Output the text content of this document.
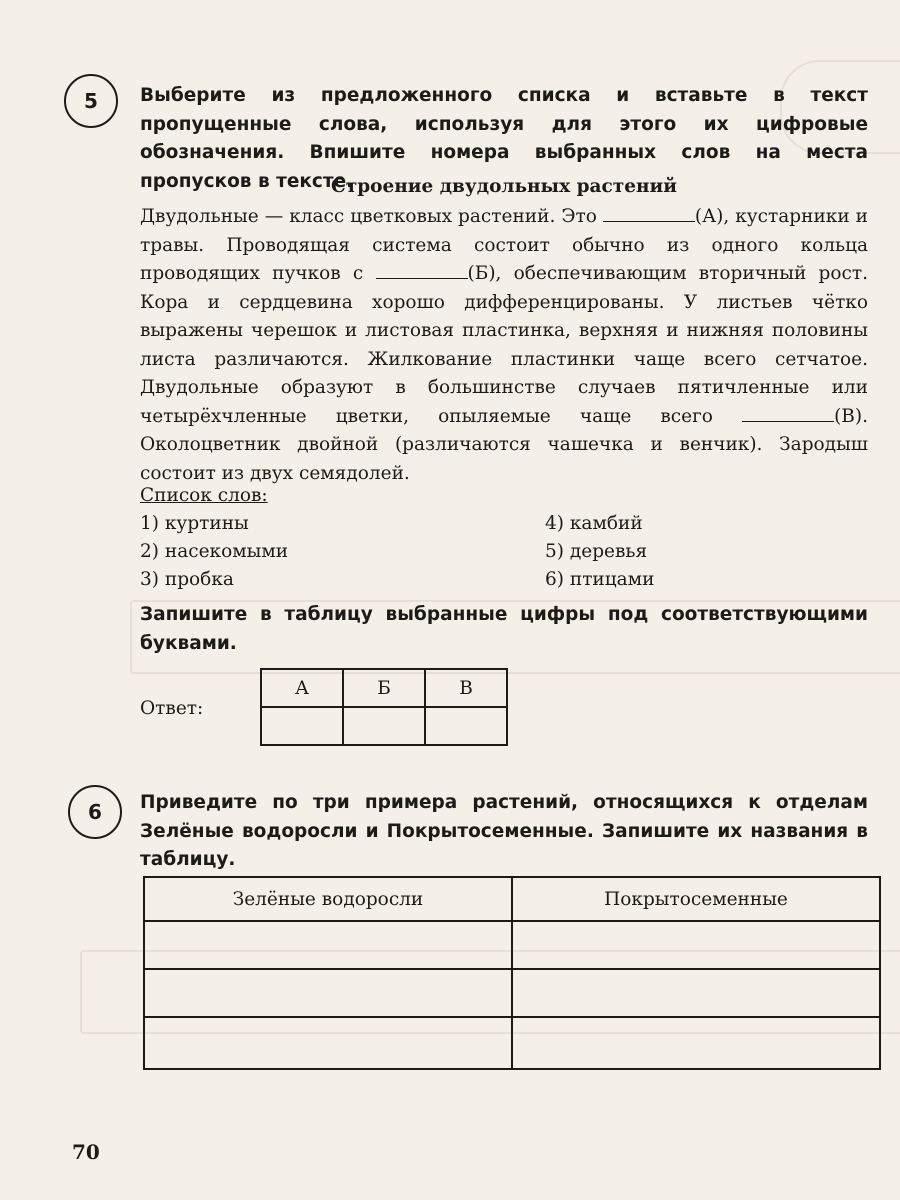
5 Выберите из предложенного списка и вставьте в текст пропущенные слова, используя для этого их цифровые обозначения. Впишите номера выбранных слов на места пропусков в тексте.

Строение двудольных растений

Двудольные — класс цветковых растений. Это	(А), кустарники и травы. Проводящая система состоит обычно из одного кольца проводящих пучков с	(Б), обеспечивающим вторичный рост. Кора и сердцевина хорошо дифференцированы. У листьев чётко выражены черешок и листовая пластинка, верхняя и нижняя половины листа различаются. Жилкование пластинки чаще всего сетчатое. Двудольные образуют в большинстве случаев пятичленные или четырёхчленные цветки, опыляемые чаще всего	(В). Околоцветник двойной (различаются чашечка и венчик). Зародыш состоит из двух семядолей.

Список слов:
1) куртины
2) насекомыми
3) пробка
4) камбий
5) деревья
6) птицами

Запишите в таблицу выбранные цифры под соответствующими буквами.

Ответ:
А	Б	В

6 Приведите по три примера растений, относящихся к отделам Зелёные водоросли и Покрытосеменные. Запишите их названия в таблицу.

Зелёные водоросли	Покрытосеменные

70
